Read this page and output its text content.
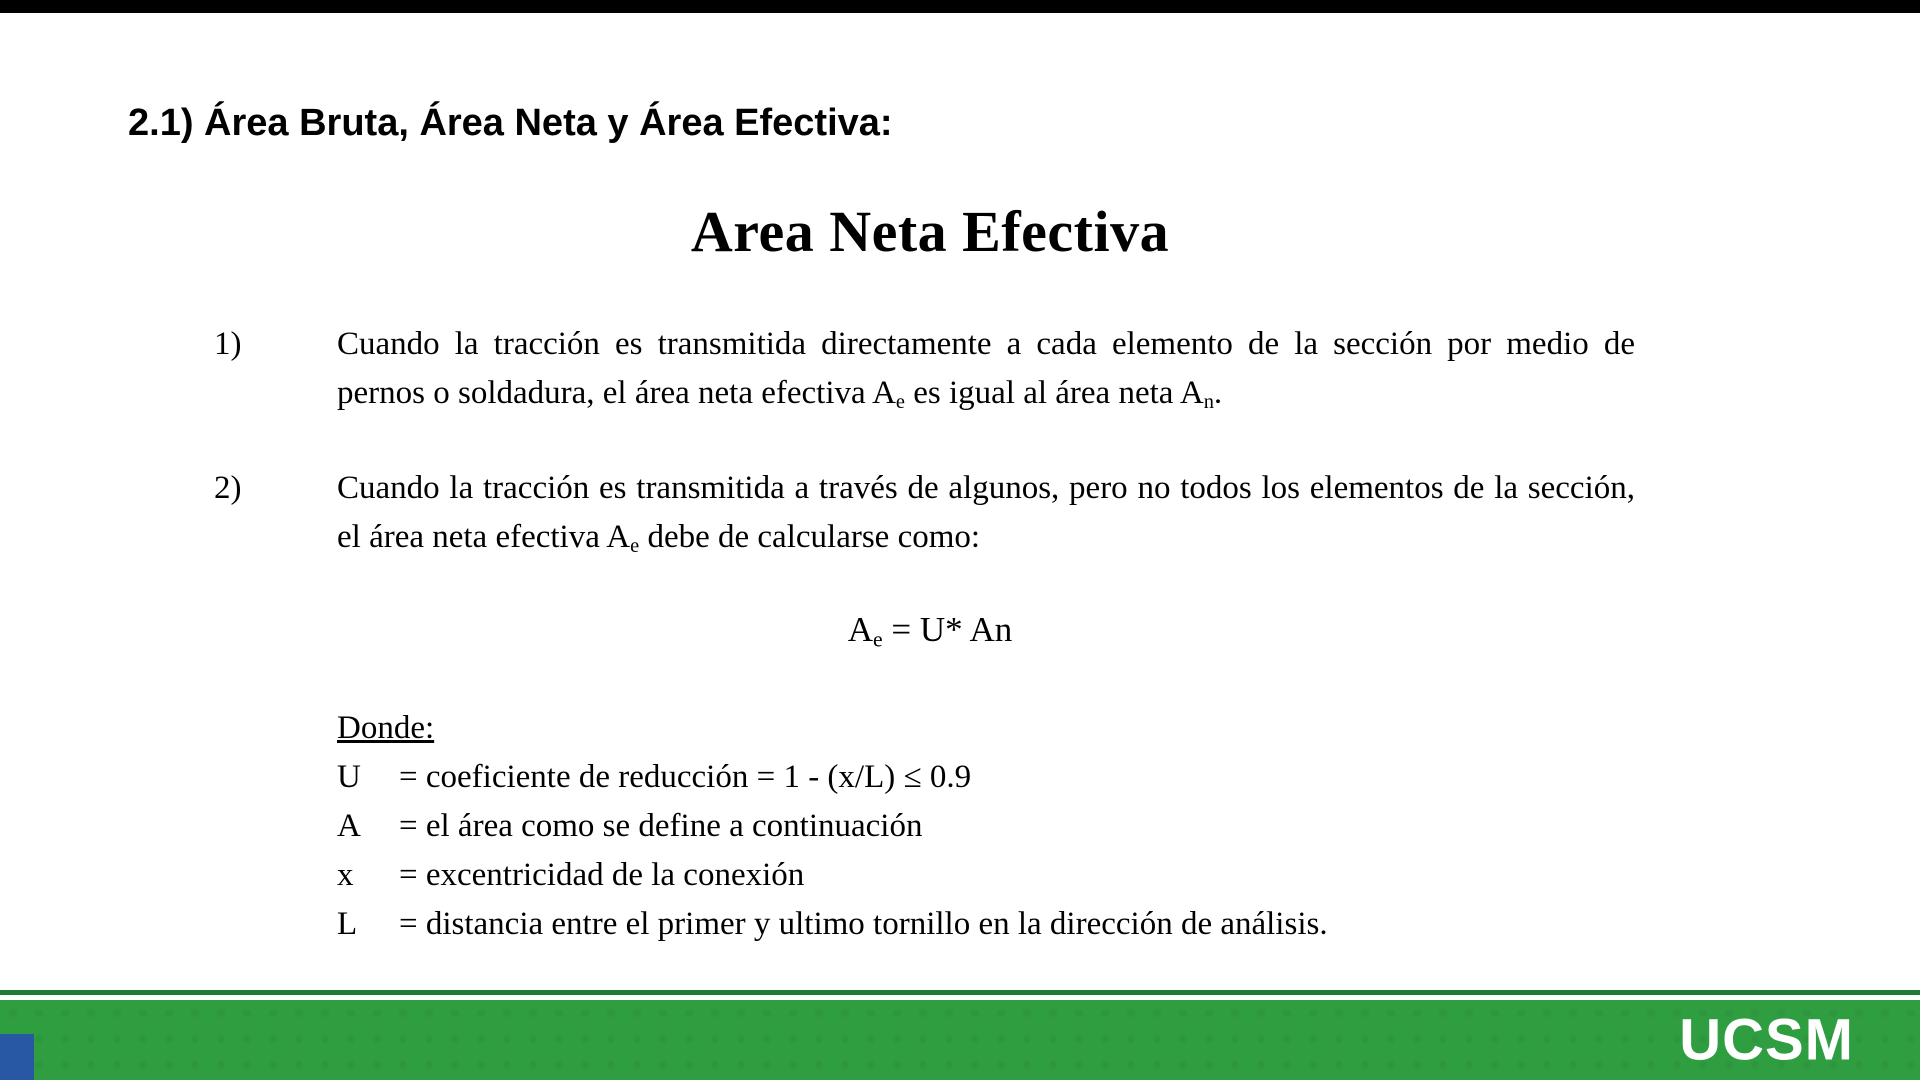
2.1) Área Bruta, Área Neta y Área Efectiva:
Area Neta Efectiva
1)	Cuando la tracción es transmitida directamente a cada elemento de la sección por medio de pernos o soldadura, el área neta efectiva $A_e$ es igual al área neta $A_n$.

2)	Cuando la tracción es transmitida a través de algunos, pero no todos los elementos de la sección, el área neta efectiva $A_e$ debe de calcularse como:

$A_e = U*$ An
Donde:
U	= coeficiente de reducción = 1 - (x/L) ≤ 0.9
A	= el área como se define a continuación
x	= excentricidad de la conexión
L	= distancia entre el primer y ultimo tornillo en la dirección de análisis.
UCSM
